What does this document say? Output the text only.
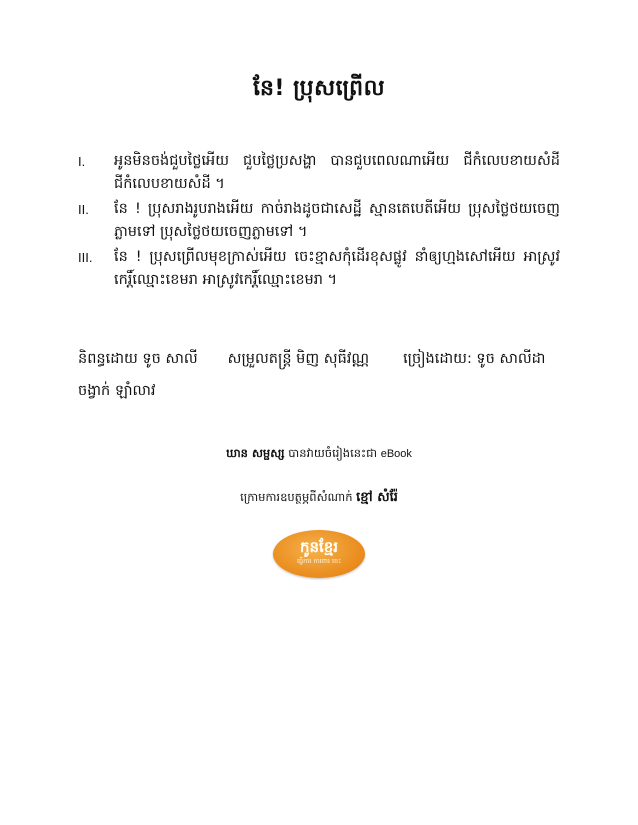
នែ! ប្រុសព្រើល
I. អូនមិនចង់ជួបថ្លៃអើយ ជួបថ្លៃប្រសង្ហា បានជួបពេលណាអើយ ជីកំលេបខាយសំដី ជីកំលេបខាយសំដី ។
II. នែ ! ប្រុសរាងរូបរាងអើយ កាច់រាងដូចជាសេដ្ឋី ស្មានតេបេតីអើយ ប្រុសថ្លៃថយចេញភ្លាមទៅ ប្រុសថ្លៃថយចេញភ្លាមទៅ ។
III. នែ ! ប្រុសព្រើលមុខក្រាស់អើយ ចេះខ្មាសកុំដើរខុសផ្លូវ នាំឲ្យហ្មងសៅអើយ អាស្រូវកេរ្តិ៍ឈ្មោះខេមរា អាស្រូវកេរ្តិ៍ឈ្មោះខេមរា ។
និពន្ធដោយ ទូច សាលី សម្រួលតន្ត្រី មិញ សុធីវណ្ណ ច្រៀងដោយ: ទូច សាលីដា
ចង្វាក់ ឡាំលាវ
ឃាន សម្ផស្ស បានវាយចំរៀងនេះជា eBook
ក្រោមការឧបត្ថម្ភពីសំណាក់ ខ្មៅ សំរ៉ែ
កូនខ្មែរ
ធ្វើការ ការពារ ចេះ
